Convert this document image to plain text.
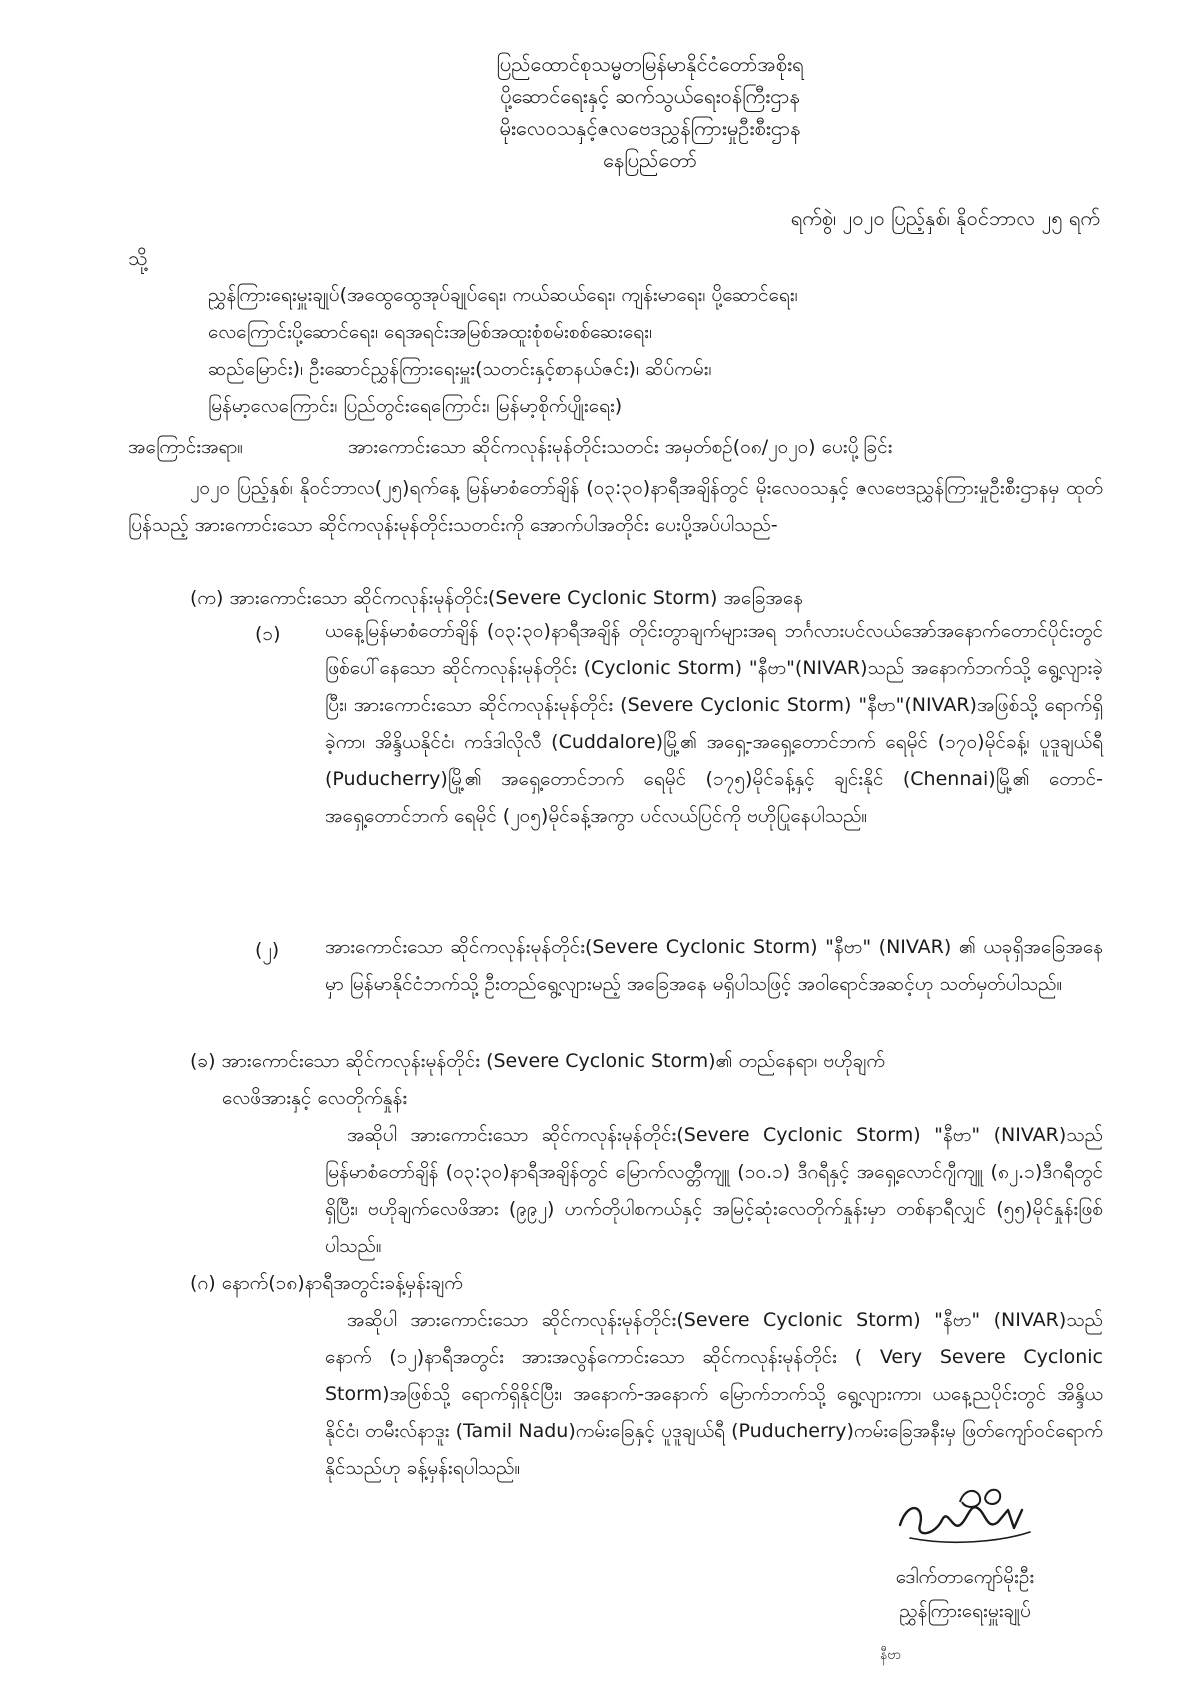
ပြည်ထောင်စုသမ္မတမြန်မာနိုင်ငံတော်အစိုးရ
ပို့ဆောင်ရေးနှင့် ဆက်သွယ်ရေးဝန်ကြီးဌာန
မိုးလေဝသနှင့်ဇလဗေဒညွှန်ကြားမှုဦးစီးဌာန
နေပြည်တော်
ရက်စွဲ၊ ၂၀၂၀ ပြည့်နှစ်၊ နိုဝင်ဘာလ ၂၅ ရက်
သို့
ညွှန်ကြားရေးမှူးချုပ်(အထွေထွေအုပ်ချုပ်ရေး၊ ကယ်ဆယ်ရေး၊ ကျန်းမာရေး၊ ပို့ဆောင်ရေး၊
လေကြောင်းပို့ဆောင်ရေး၊ ရေအရင်းအမြစ်အထူးစုံစမ်းစစ်ဆေးရေး၊
ဆည်မြောင်း)၊ ဦးဆောင်ညွှန်ကြားရေးမှူး(သတင်းနှင့်စာနယ်ဇင်း)၊ ဆိပ်ကမ်း၊
မြန်မာ့လေကြောင်း၊ ပြည်တွင်းရေကြောင်း၊ မြန်မာ့စိုက်ပျိုးရေး)
အကြောင်းအရာ။	အားကောင်းသော ဆိုင်ကလုန်းမုန်တိုင်းသတင်း အမှတ်စဉ်(၀၈/၂၀၂၀) ပေးပို့ခြင်း
၂၀၂၀ ပြည့်နှစ်၊ နိုဝင်ဘာလ(၂၅)ရက်နေ့ မြန်မာစံတော်ချိန် (၀၃:၃၀)နာရီအချိန်တွင် မိုးလေဝသနှင့် ဇလဗေဒညွှန်ကြားမှုဦးစီးဌာနမှ ထုတ်ပြန်သည့် အားကောင်းသော ဆိုင်ကလုန်းမုန်တိုင်းသတင်းကို အောက်ပါအတိုင်း ပေးပို့အပ်ပါသည်-
(က) အားကောင်းသော ဆိုင်ကလုန်းမုန်တိုင်း(Severe Cyclonic Storm) အခြေအနေ
(၁) ယနေ့မြန်မာစံတော်ချိန် (၀၃:၃၀)နာရီအချိန် တိုင်းတွာချက်များအရ ဘင်္ဂလားပင်လယ်အော်အနောက်တောင်ပိုင်းတွင် ဖြစ်ပေါ်နေသော ဆိုင်ကလုန်းမုန်တိုင်း (Cyclonic Storm) "နီဗာ"(NIVAR)သည် အနောက်ဘက်သို့ ရွေ့လျားခဲ့ပြီး၊ အားကောင်းသော ဆိုင်ကလုန်းမုန်တိုင်း (Severe Cyclonic Storm) "နီဗာ"(NIVAR)အဖြစ်သို့ ရောက်ရှိခဲ့ကာ၊ အိန္ဒိယနိုင်ငံ၊ ကဒ်ဒါလိုလီ (Cuddalore)မြို့၏ အရှေ့-အရှေ့တောင်ဘက် ရေမိုင် (၁၇၀)မိုင်ခန့်၊ ပူဒူချယ်ရီ (Puducherry)မြို့၏ အရှေ့တောင်ဘက် ရေမိုင် (၁၇၅)မိုင်ခန့်နှင့် ချင်းနိုင် (Chennai)မြို့၏ တောင်-အရှေ့တောင်ဘက် ရေမိုင် (၂၀၅)မိုင်ခန့်အကွာ ပင်လယ်ပြင်ကို ဗဟိုပြုနေပါသည်။
(၂) အားကောင်းသော ဆိုင်ကလုန်းမုန်တိုင်း(Severe Cyclonic Storm) "နီဗာ" (NIVAR) ၏ ယခုရှိအခြေအနေမှာ မြန်မာနိုင်ငံဘက်သို့ ဦးတည်ရွေ့လျားမည့် အခြေအနေ မရှိပါသဖြင့် အဝါရောင်အဆင့်ဟု သတ်မှတ်ပါသည်။
(ခ) အားကောင်းသော ဆိုင်ကလုန်းမုန်တိုင်း (Severe Cyclonic Storm)၏ တည်နေရာ၊ ဗဟိုချက်
လေဖိအားနှင့် လေတိုက်နှုန်း
အဆိုပါ အားကောင်းသော ဆိုင်ကလုန်းမုန်တိုင်း(Severe Cyclonic Storm) "နီဗာ" (NIVAR)သည် မြန်မာစံတော်ချိန် (၀၃:၃၀)နာရီအချိန်တွင် မြောက်လတ္တီကျူ (၁၀.၁) ဒီဂရီနှင့် အရှေ့လောင်ဂျီကျူ (၈၂.၁)ဒီဂရီတွင်ရှိပြီး၊ ဗဟိုချက်လေဖိအား (၉၉၂) ဟက်တိုပါစကယ်နှင့် အမြင့်ဆုံးလေတိုက်နှုန်းမှာ တစ်နာရီလျှင် (၅၅)မိုင်နှုန်းဖြစ်ပါသည်။
(ဂ) နောက်(၁၈)နာရီအတွင်းခန့်မှန်းချက်
အဆိုပါ အားကောင်းသော ဆိုင်ကလုန်းမုန်တိုင်း(Severe Cyclonic Storm) "နီဗာ" (NIVAR)သည် နောက် (၁၂)နာရီအတွင်း အားအလွန်ကောင်းသော ဆိုင်ကလုန်းမုန်တိုင်း ( Very Severe Cyclonic Storm)အဖြစ်သို့ ရောက်ရှိနိုင်ပြီး၊ အနောက်-အနောက် မြောက်ဘက်သို့ ရွေ့လျားကာ၊ ယနေ့ညပိုင်းတွင် အိန္ဒိယနိုင်ငံ၊ တမီးလ်နာဒူး (Tamil Nadu)ကမ်းခြေနှင့် ပူဒူချယ်ရီ (Puducherry)ကမ်းခြေအနီးမှ ဖြတ်ကျော်ဝင်ရောက်နိုင်သည်ဟု ခန့်မှန်းရပါသည်။
ဒေါက်တာကျော်မိုးဦး
ညွှန်ကြားရေးမှူးချုပ်
နီဗာ
